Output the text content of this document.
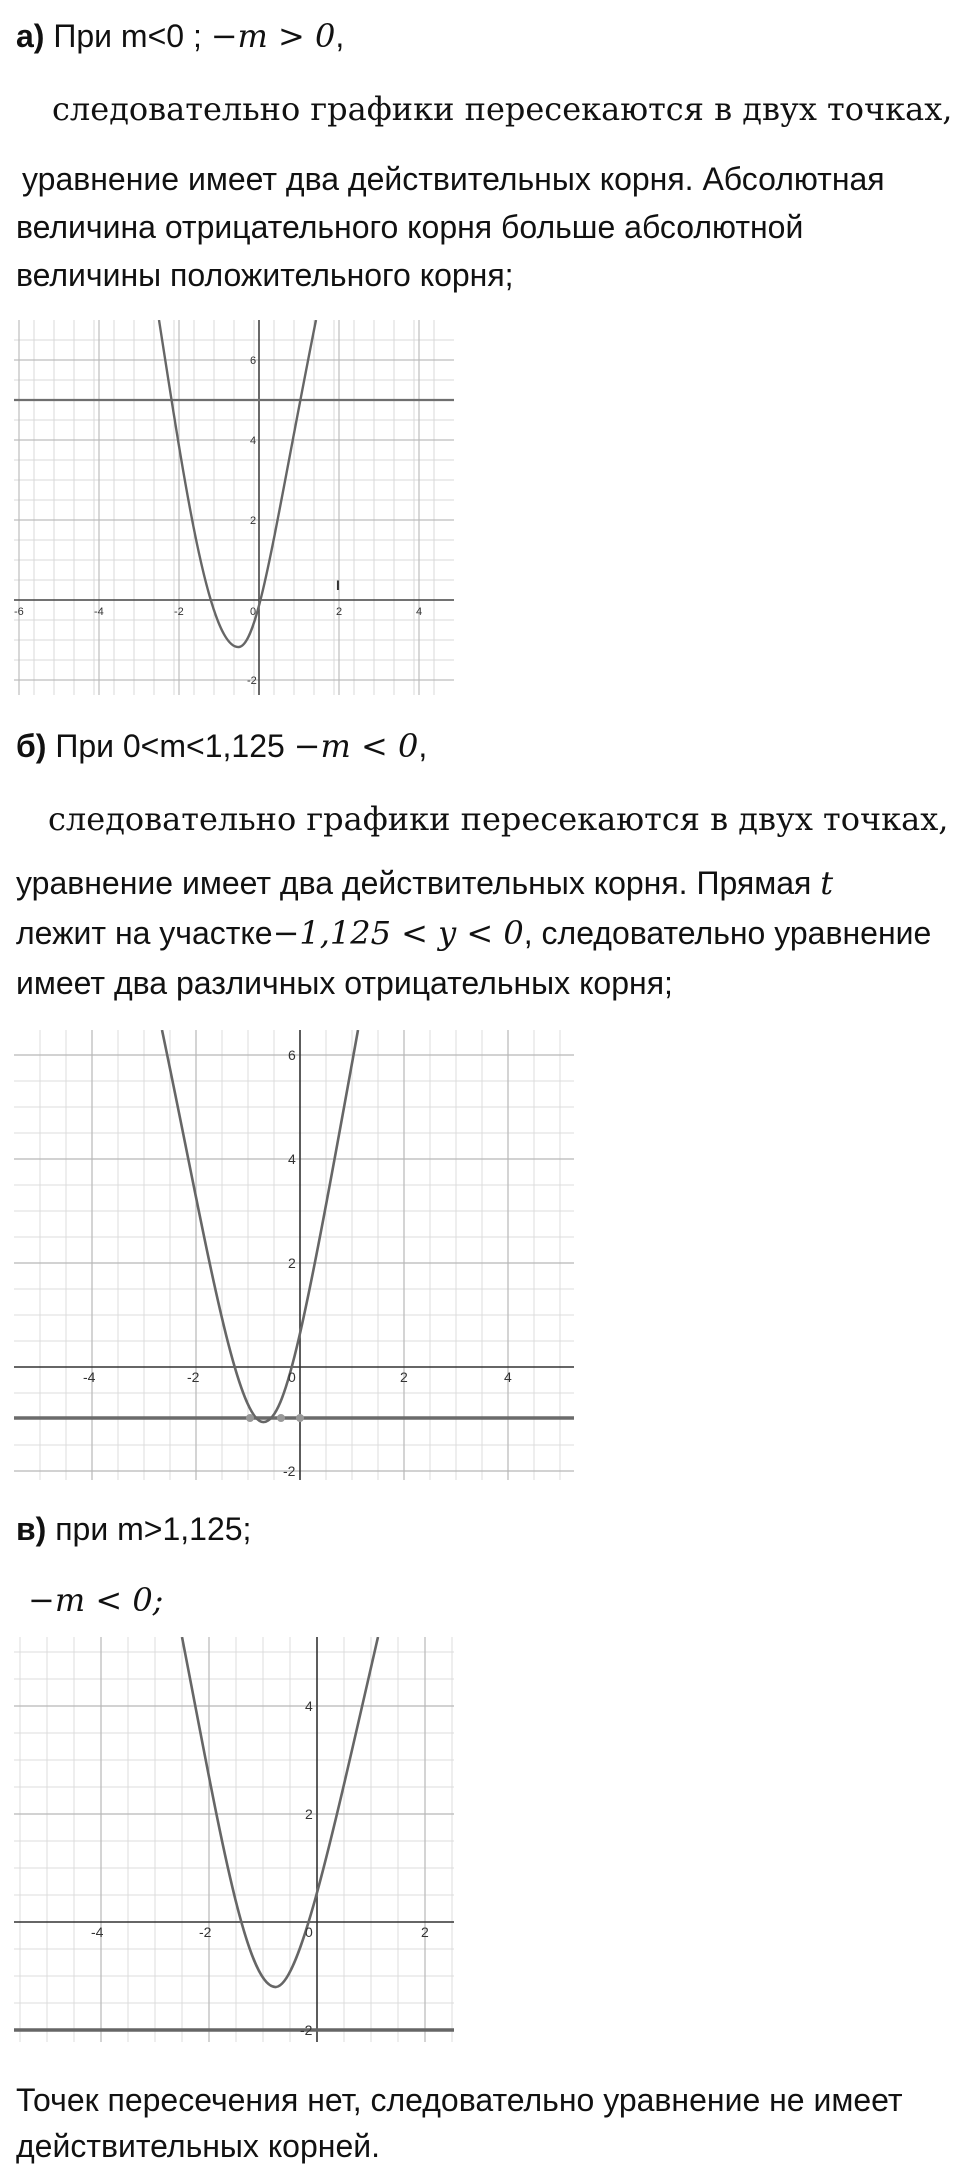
а) При m<0 ; −m > 0,

следовательно графики пересекаются в двух точках,

уравнение имеет два действительных корня. Абсолютная

величина отрицательного корня больше абсолютной

величины положительного корня;

-6	-4	-2	0	2	4
6
4
2
-2
I

б) При 0<m<1,125 −m < 0,

следовательно графики пересекаются в двух точках,

уравнение имеет два действительных корня. Прямая t

лежит на участке−1,125 < y < 0, следовательно уравнение

имеет два различных отрицательных корня;

-4	-2	0	2	4
6
4
2
-2

в) при m>1,125;

−m < 0;

-4	-2	0	2
4
2
-2

Точек пересечения нет, следовательно уравнение не имеет

действительных корней.
